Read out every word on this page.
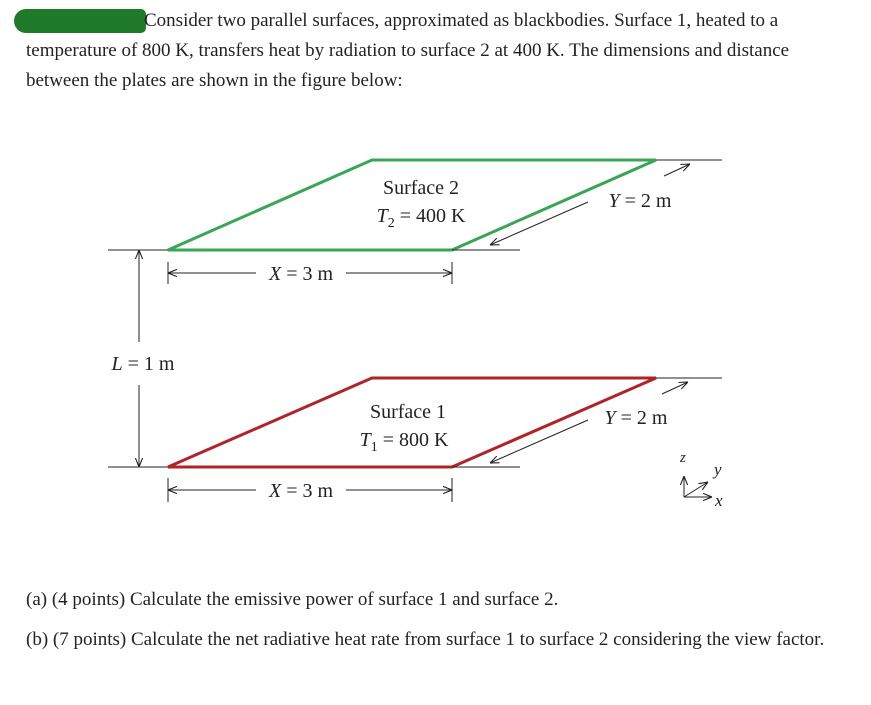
Consider two parallel surfaces, approximated as blackbodies. Surface 1, heated to a temperature of 800 K, transfers heat by radiation to surface 2 at 400 K. The dimensions and distance between the plates are shown in the figure below:

Surface 2
$T_2 = 400$ K
Y = 2 m
X = 3 m
L = 1 m
Surface 1
$T_1 = 800$ K
Y = 2 m
X = 3 m
z
y
x

(a) (4 points) Calculate the emissive power of surface 1 and surface 2.

(b) (7 points) Calculate the net radiative heat rate from surface 1 to surface 2 considering the view factor.
